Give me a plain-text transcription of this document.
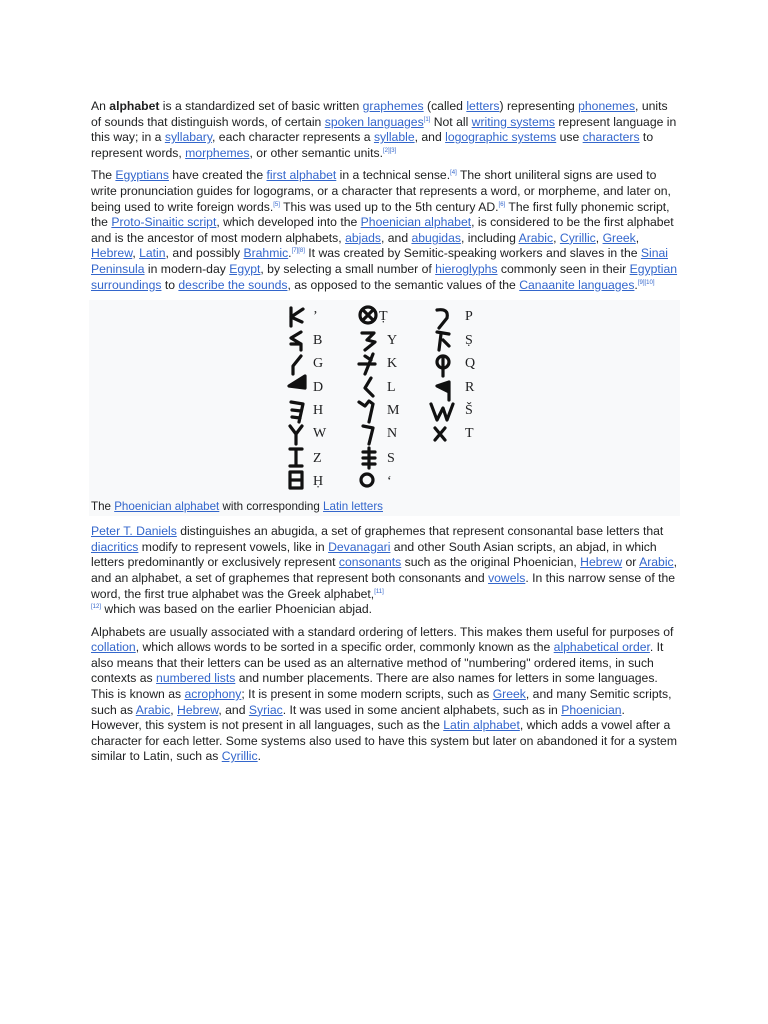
An alphabet is a standardized set of basic written graphemes (called letters) representing phonemes, units of sounds that distinguish words, of certain spoken languages[1] Not all writing systems represent language in this way; in a syllabary, each character represents a syllable, and logographic systems use characters to represent words, morphemes, or other semantic units.[2][3]

The Egyptians have created the first alphabet in a technical sense.[4] The short uniliteral signs are used to write pronunciation guides for logograms, or a character that represents a word, or morpheme, and later on, being used to write foreign words.[5] This was used up to the 5th century AD.[6] The first fully phonemic script, the Proto-Sinaitic script, which developed into the Phoenician alphabet, is considered to be the first alphabet and is the ancestor of most modern alphabets, abjads, and abugidas, including Arabic, Cyrillic, Greek, Hebrew, Latin, and possibly Brahmic.[7][8] It was created by Semitic-speaking workers and slaves in the Sinai Peninsula in modern-day Egypt, by selecting a small number of hieroglyphs commonly seen in their Egyptian surroundings to describe the sounds, as opposed to the semantic values of the Canaanite languages.[9][10]

ʼ
B
G
D
H
W
Z
Ḥ
Ṭ
Y
K
L
M
N
S
ʻ
P
Ṣ
Q
R
Š
T
The Phoenician alphabet with corresponding Latin letters

Peter T. Daniels distinguishes an abugida, a set of graphemes that represent consonantal base letters that diacritics modify to represent vowels, like in Devanagari and other South Asian scripts, an abjad, in which letters predominantly or exclusively represent consonants such as the original Phoenician, Hebrew or Arabic, and an alphabet, a set of graphemes that represent both consonants and vowels. In this narrow sense of the word, the first true alphabet was the Greek alphabet,[11]
[12] which was based on the earlier Phoenician abjad.

Alphabets are usually associated with a standard ordering of letters. This makes them useful for purposes of collation, which allows words to be sorted in a specific order, commonly known as the alphabetical order. It also means that their letters can be used as an alternative method of "numbering" ordered items, in such contexts as numbered lists and number placements. There are also names for letters in some languages. This is known as acrophony; It is present in some modern scripts, such as Greek, and many Semitic scripts, such as Arabic, Hebrew, and Syriac. It was used in some ancient alphabets, such as in Phoenician. However, this system is not present in all languages, such as the Latin alphabet, which adds a vowel after a character for each letter. Some systems also used to have this system but later on abandoned it for a system similar to Latin, such as Cyrillic.
